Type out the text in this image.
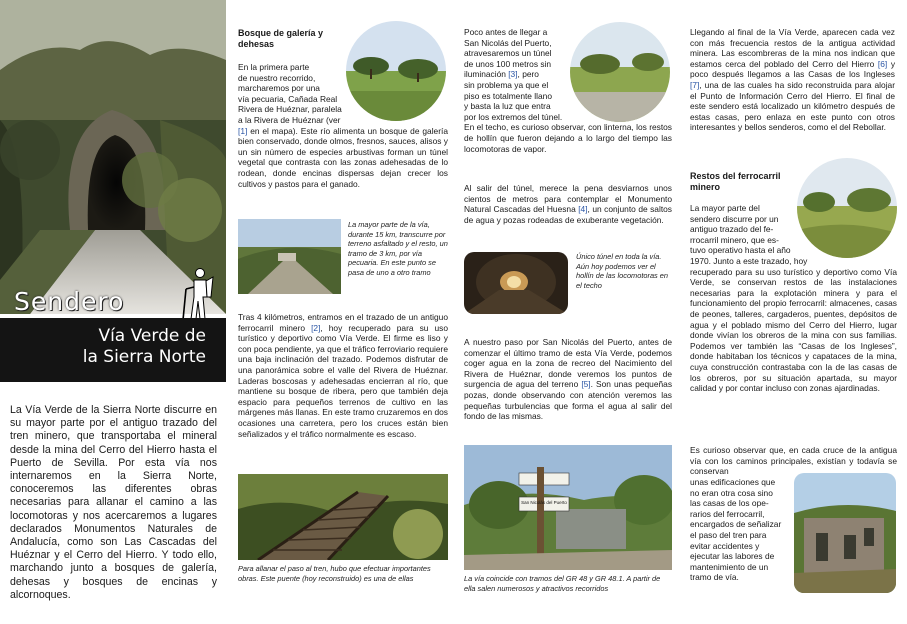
Sendero
Vía Verde de
la Sierra Norte
La Vía Verde de la Sierra Norte discurre en su mayor parte por el antiguo trazado del tren minero, que transportaba el mineral desde la mina del Cerro del Hierro hasta el Puerto de Sevilla. Por esta vía nos internaremos en la Sierra Norte, conoceremos las diferentes obras necesarias para allanar el camino a las locomotoras y nos acercaremos a lugares declarados Monumentos Naturales de Andalucía, como son Las Cascadas del Huéznar y el Cerro del Hierro. Y todo ello, marchando junto a bosques de galería, dehesas y bosques de encinas y alcornoques.
Bosque de galería y
dehesas
En la primera parte
de nuestro recorrido,
marcharemos por una
vía pecuaria, Cañada Real
Rivera de Huéznar, paralela
a la Rivera de Huéznar (ver
[1] en el mapa). Este río alimenta un bosque de galería bien conservado, donde olmos, fresnos, sauces, alisos y un sin número de especies arbustivas forman un túnel vegetal que contrasta con las zonas adehesadas de lo rodean, donde encinas dispersas dejan crecer los cultivos y pastos para el ganado.
La mayor parte de la vía, durante 15 km, transcurre por terreno asfaltado y el resto, un tramo de 3 km, por vía pecuaria. En este punto se pasa de uno a otro tramo
Tras 4 kilómetros, entramos en el trazado de un antiguo ferrocarril minero [2], hoy recuperado para su uso turístico y deportivo como Vía Verde. El firme es liso y con poca pendiente, ya que el tráfico ferroviario requiere una baja inclinación del trazado. Podemos disfrutar de una panorámica sobre el valle del Rivera de Huéznar. Laderas boscosas y adehesadas encierran al río, que mantiene su bosque de ribera, pero que también deja espacio para pequeños terrenos de cultivo en las márgenes más llanas. En este tramo cruzaremos en dos ocasiones una carretera, pero los cruces están bien señalizados y el tráfico normalmente es escaso.
Para allanar el paso al tren, hubo que efectuar importantes obras. Este puente (hoy reconstruido) es una de ellas
Poco antes de llegar a
San Nicolás del Puerto,
atravesaremos un túnel
de unos 100 metros sin
iluminación [3], pero
sin problema ya que el
piso es totalmente llano
y basta la luz que entra
por los extremos del túnel.
En el techo, es curioso observar, con linterna, los restos de hollín que fueron dejando a lo largo del tiempo las locomotoras de vapor.
Al salir del túnel, merece la pena desviarnos unos cientos de metros para contemplar el Monumento Natural Cascadas del Huesna [4], un conjunto de saltos de agua y pozas rodeadas de exuberante vegetación.
Único túnel en toda la vía. Aún hoy podemos ver el hollín de las locomotoras en el techo
A nuestro paso por San Nicolás del Puerto, antes de comenzar el último tramo de esta Vía Verde, podemos coger agua en la zona de recreo del Nacimiento del Rivera de Huéznar, donde veremos los puntos de surgencia de agua del terreno [5]. Son unas pequeñas pozas, donde observando con atención veremos las pequeñas turbulencias que forma el agua al salir del fondo de las mismas.
San Nicolás del Puerto
La vía coincide con tramos del GR 48 y GR 48.1. A partir de ella salen numerosos y atractivos recorridos
Llegando al final de la Vía Verde, aparecen cada vez con más frecuencia restos de la antigua actividad minera. Las escombreras de la mina nos indican que estamos cerca del poblado del Cerro del Hierro [6] y poco después llegamos a las Casas de los Ingleses [7], una de las cuales ha sido reconstruida para alojar el Punto de Información Cerro del Hierro. El final de este sendero está localizado un kilómetro después de estas casas, pero enlaza en este punto con otros interesantes y bellos senderos, como el del Rebollar.
Restos del ferrocarril
minero
La mayor parte del
sendero discurre por un
antiguo trazado del fe-
rrocarril minero, que es-
tuvo operativo hasta el año
1970. Junto a este trazado, hoy
recuperado para su uso turístico y deportivo como Vía Verde, se conservan restos de las instalaciones necesarias para la explotación minera y para el funcionamiento del propio ferrocarril: almacenes, casas de peones, talleres, cargaderos, puentes, depósitos de agua y el poblado mismo del Cerro del Hierro, lugar donde vivían los obreros de la mina con sus familias. Podemos ver también las “Casas de los Ingleses”, donde habitaban los técnicos y capataces de la mina, cuya construcción contrastaba con la de las casas de los obreros, por su situación apartada, su mayor calidad y por contar incluso con zonas ajardinadas.
Es curioso observar que, en cada cruce de la antigua vía con los caminos principales, existían y todavía se conservan
unas edificaciones que
no eran otra cosa sino
las casas de los ope-
rarios del ferrocarril,
encargados de señalizar
el paso del tren para
evitar accidentes y
ejecutar las labores de
mantenimiento de un
tramo de vía.
